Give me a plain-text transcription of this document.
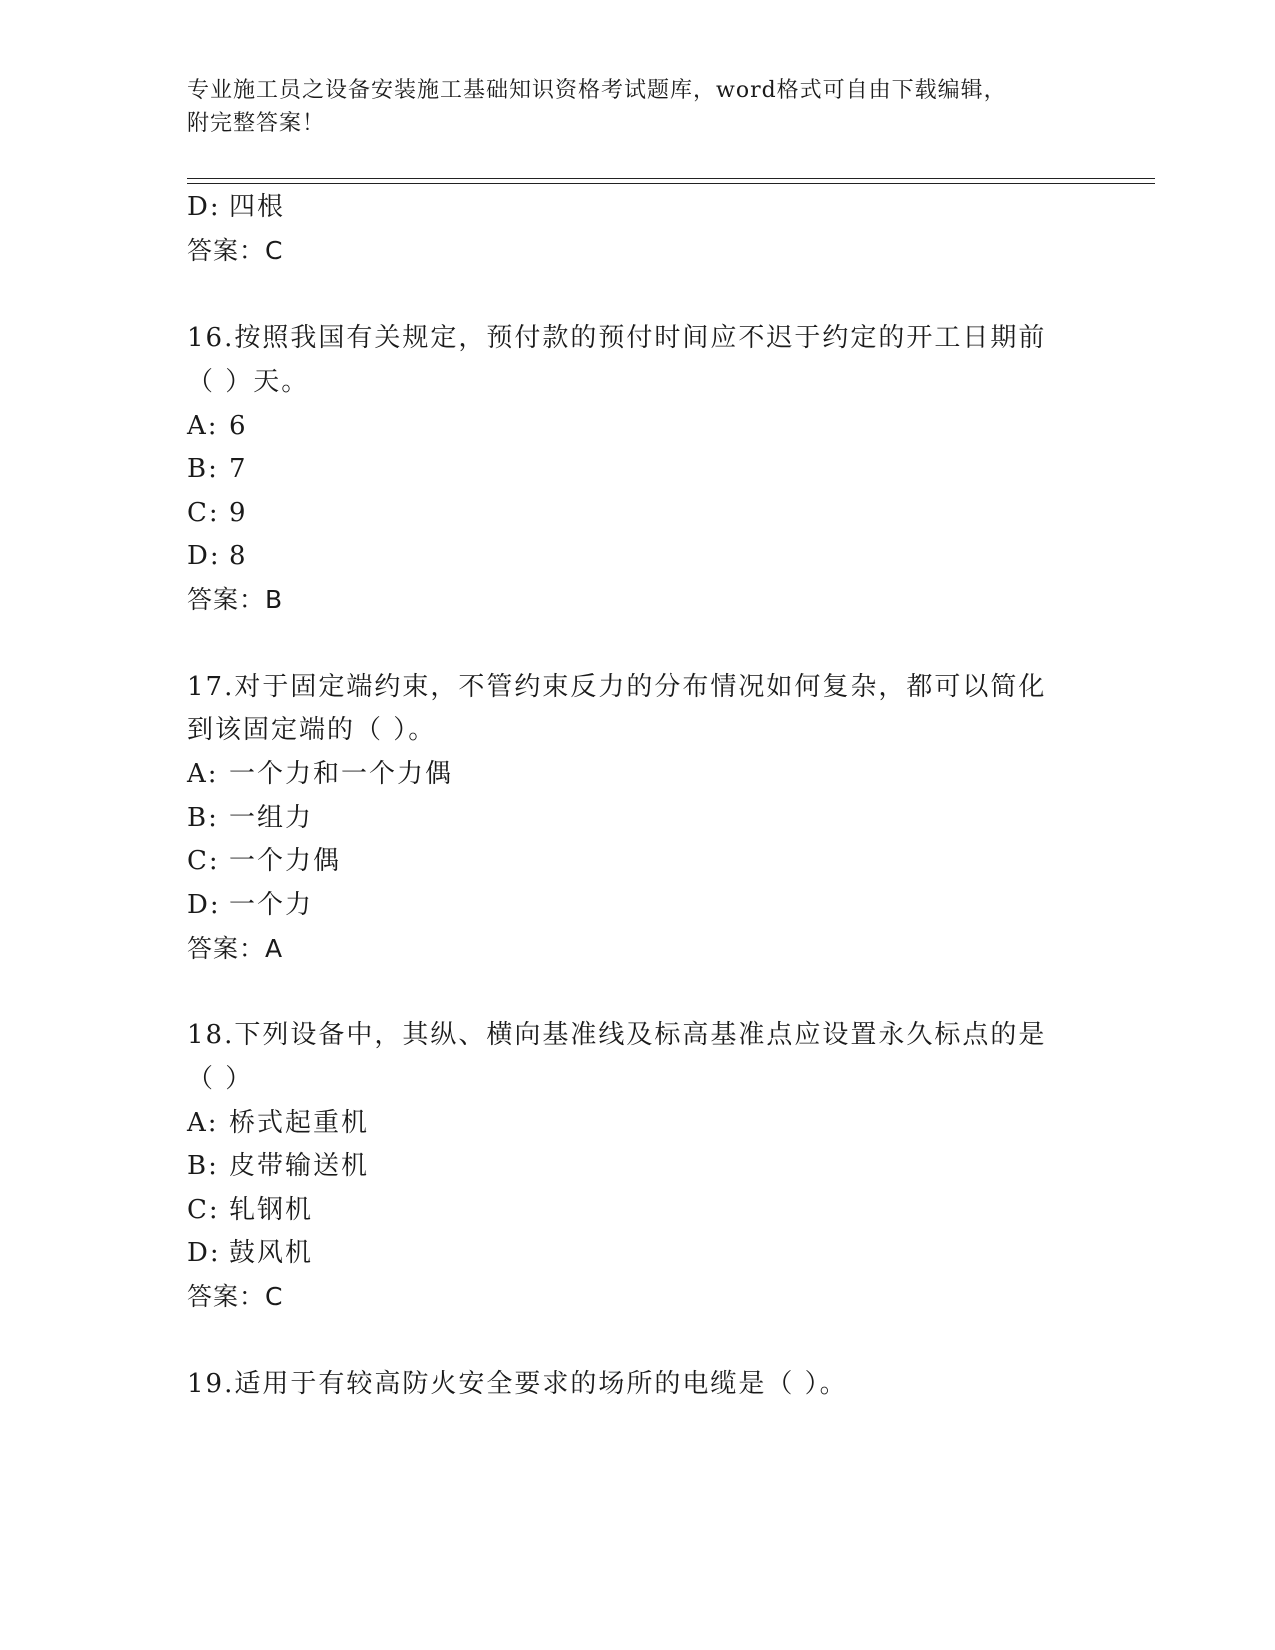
专业施工员之设备安装施工基础知识资格考试题库，word格式可自由下载编辑，
附完整答案！
D: 四根
答案：C
16.按照我国有关规定，预付款的预付时间应不迟于约定的开工日期前
（ ）天。
A: 6
B: 7
C: 9
D: 8
答案：B
17.对于固定端约束，不管约束反力的分布情况如何复杂，都可以简化
到该固定端的（ ）。
A: 一个力和一个力偶
B: 一组力
C: 一个力偶
D: 一个力
答案：A
18.下列设备中，其纵、横向基准线及标高基准点应设置永久标点的是
（ ）
A: 桥式起重机
B: 皮带输送机
C: 轧钢机
D: 鼓风机
答案：C
19.适用于有较高防火安全要求的场所的电缆是（ ）。
